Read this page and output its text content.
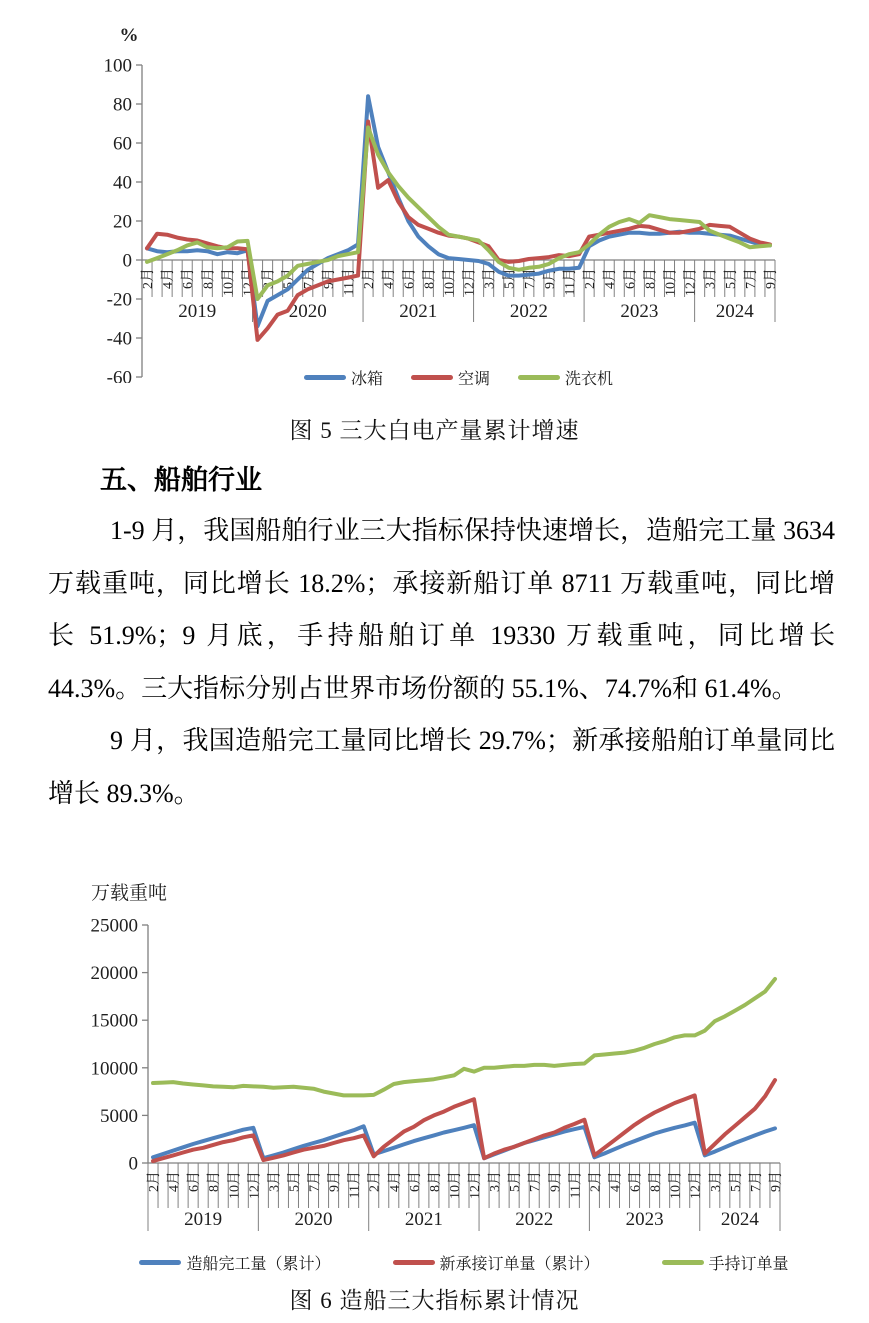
-60
-40
-20
0
20
40
60
80
100
2月 4月 6月 8月 10月 12月 3月 5月 7月 9月 11月 2月 4月 6月 8月 10月 12月 3月 5月 7月 9月 11月 2月 4月 6月 8月 10月 12月 3月 5月 7月 9月
2019	2020	2021	2022	2023	2024
%
冰箱	空调	洗衣机
图 5 三大白电产量累计增速
五、船舶行业

1-9 月，我国船舶行业三大指标保持快速增长，造船完工量 3634 万载重吨，同比增长 18.2%；承接新船订单 8711 万载重吨，同比增长 51.9%；9 月底，手持船舶订单 19330 万载重吨，同比增长 44.3%。三大指标分别占世界市场份额的 55.1%、74.7%和 61.4%。

9 月，我国造船完工量同比增长 29.7%；新承接船舶订单量同比增长 89.3%。

0
5000
10000
15000
20000
25000
2月 4月 6月 8月 10月 12月 3月 5月 7月 9月 11月 2月 4月 6月 8月 10月 12月 3月 5月 7月 9月 11月 2月 4月 6月 8月 10月 12月 3月 5月 7月 9月
2019	2020	2021	2022	2023	2024
万载重吨
造船完工量（累计）	新承接订单量（累计）	手持订单量
图 6 造船三大指标累计情况
